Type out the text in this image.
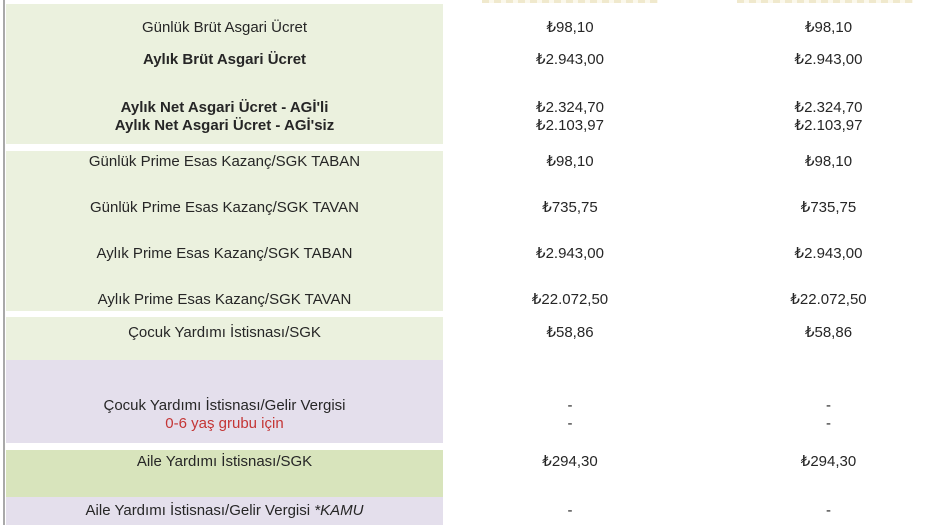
Günlük Brüt Asgari Ücret	₺98,10	₺98,10
Aylık Brüt Asgari Ücret	₺2.943,00	₺2.943,00
Aylık Net Asgari Ücret - AGİ'li	₺2.324,70	₺2.324,70
Aylık Net Asgari Ücret - AGİ'siz	₺2.103,97	₺2.103,97
Günlük Prime Esas Kazanç/SGK TABAN	₺98,10	₺98,10
Günlük Prime Esas Kazanç/SGK TAVAN	₺735,75	₺735,75
Aylık Prime Esas Kazanç/SGK TABAN	₺2.943,00	₺2.943,00
Aylık Prime Esas Kazanç/SGK TAVAN	₺22.072,50	₺22.072,50
Çocuk Yardımı İstisnası/SGK	₺58,86	₺58,86
Çocuk Yardımı İstisnası/Gelir Vergisi	-	-
0-6 yaş grubu için	-	-
Aile Yardımı İstisnası/SGK	₺294,30	₺294,30
Aile Yardımı İstisnası/Gelir Vergisi *KAMU	-	-
